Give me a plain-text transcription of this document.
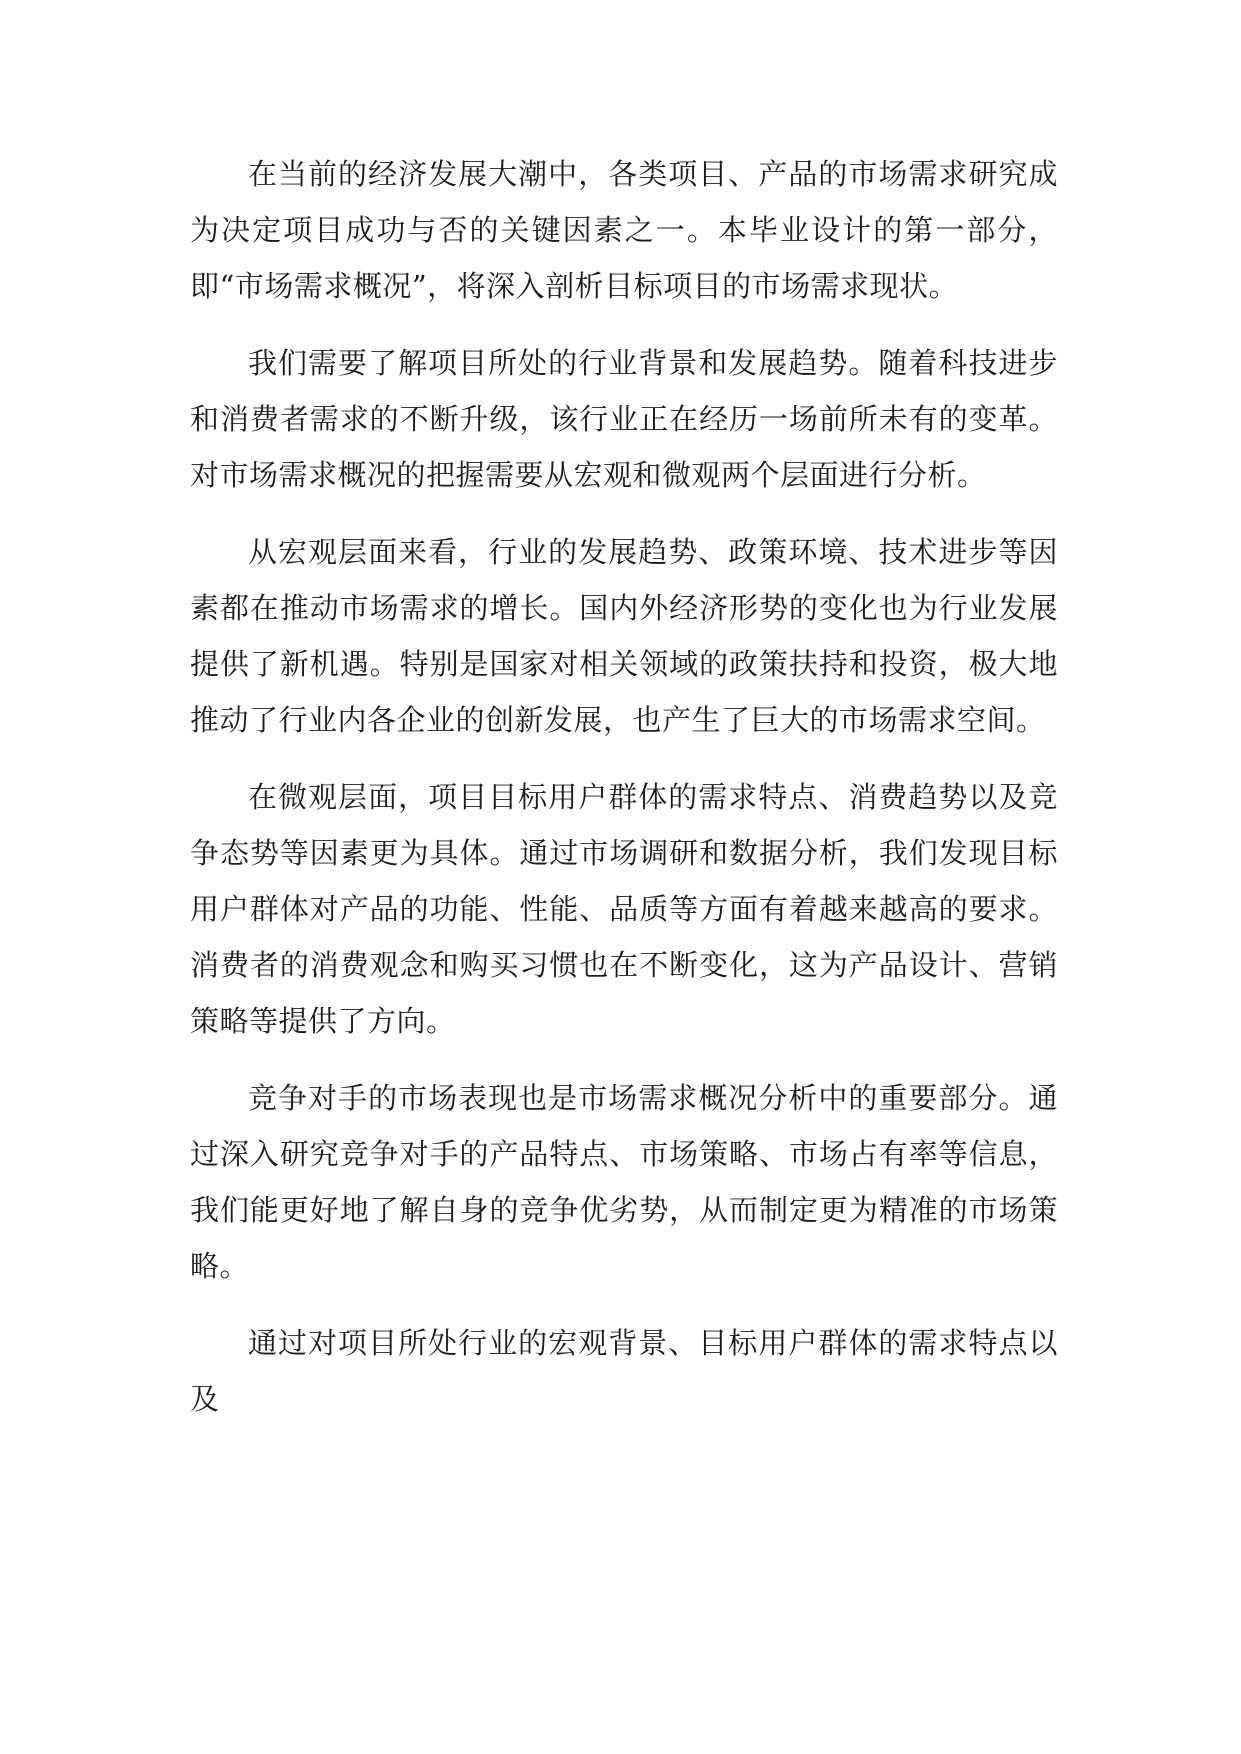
在当前的经济发展大潮中，各类项目、产品的市场需求研究成为决定项目成功与否的关键因素之一。本毕业设计的第一部分，即“市场需求概况”，将深入剖析目标项目的市场需求现状。

我们需要了解项目所处的行业背景和发展趋势。随着科技进步和消费者需求的不断升级，该行业正在经历一场前所未有的变革。对市场需求概况的把握需要从宏观和微观两个层面进行分析。

从宏观层面来看，行业的发展趋势、政策环境、技术进步等因素都在推动市场需求的增长。国内外经济形势的变化也为行业发展提供了新机遇。特别是国家对相关领域的政策扶持和投资，极大地推动了行业内各企业的创新发展，也产生了巨大的市场需求空间。

在微观层面，项目目标用户群体的需求特点、消费趋势以及竞争态势等因素更为具体。通过市场调研和数据分析，我们发现目标用户群体对产品的功能、性能、品质等方面有着越来越高的要求。消费者的消费观念和购买习惯也在不断变化，这为产品设计、营销策略等提供了方向。

竞争对手的市场表现也是市场需求概况分析中的重要部分。通过深入研究竞争对手的产品特点、市场策略、市场占有率等信息，我们能更好地了解自身的竞争优劣势，从而制定更为精准的市场策略。

通过对项目所处行业的宏观背景、目标用户群体的需求特点以及
